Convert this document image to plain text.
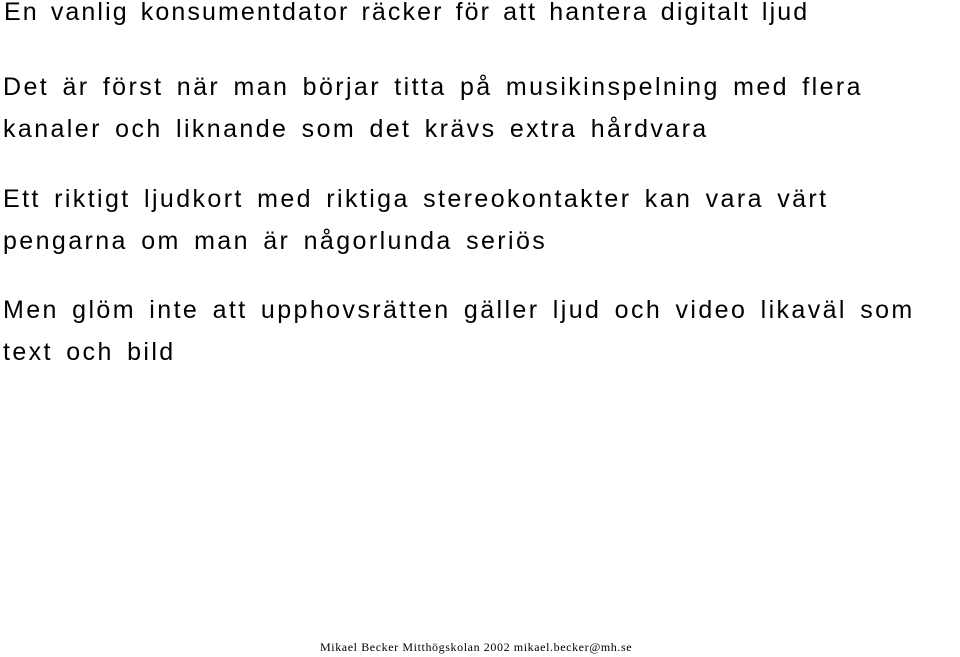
En vanlig konsumentdator räcker för att hantera digitalt ljud

Det är först när man börjar titta på musikinspelning med flera kanaler och liknande som det krävs extra hårdvara

Ett riktigt ljudkort med riktiga stereokontakter kan vara värt pengarna om man är någorlunda seriös

Men glöm inte att upphovsrätten gäller ljud och video likaväl som text och bild

Mikael Becker Mitthögskolan 2002 mikael.becker@mh.se
